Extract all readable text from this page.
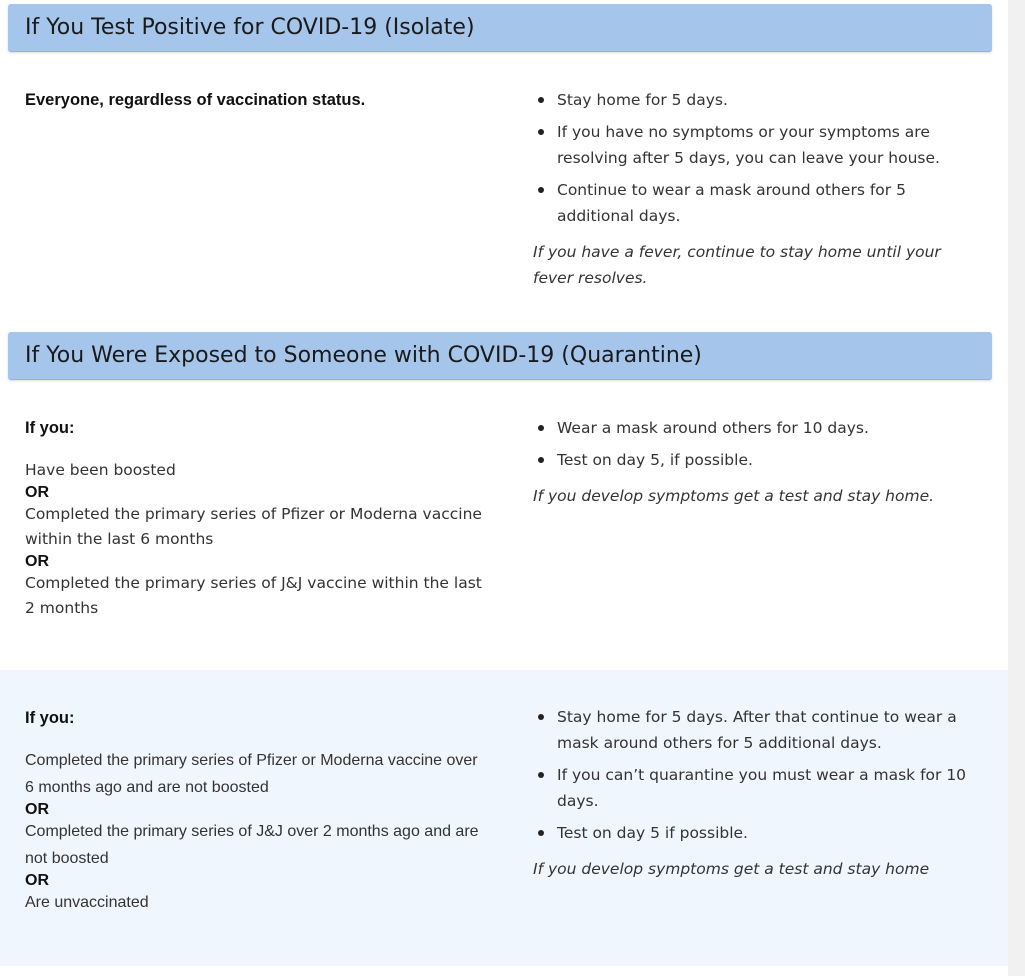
If You Test Positive for COVID-19 (Isolate)

Everyone, regardless of vaccination status.	Stay home for 5 days.
If you have no symptoms or your symptoms are resolving after 5 days, you can leave your house.
Continue to wear a mask around others for 5 additional days.

If you have a fever, continue to stay home until your fever resolves.

If You Were Exposed to Someone with COVID-19 (Quarantine)

If you:

Have been boosted

OR

Completed the primary series of Pfizer or Moderna vaccine within the last 6 months

OR

Completed the primary series of J&J vaccine within the last 2 months

Wear a mask around others for 10 days.
Test on day 5, if possible.

If you develop symptoms get a test and stay home.

If you:

Completed the primary series of Pfizer or Moderna vaccine over 6 months ago and are not boosted

OR

Completed the primary series of J&J over 2 months ago and are not boosted

OR

Are unvaccinated

Stay home for 5 days. After that continue to wear a mask around others for 5 additional days.
If you can’t quarantine you must wear a mask for 10 days.
Test on day 5 if possible.

If you develop symptoms get a test and stay home
